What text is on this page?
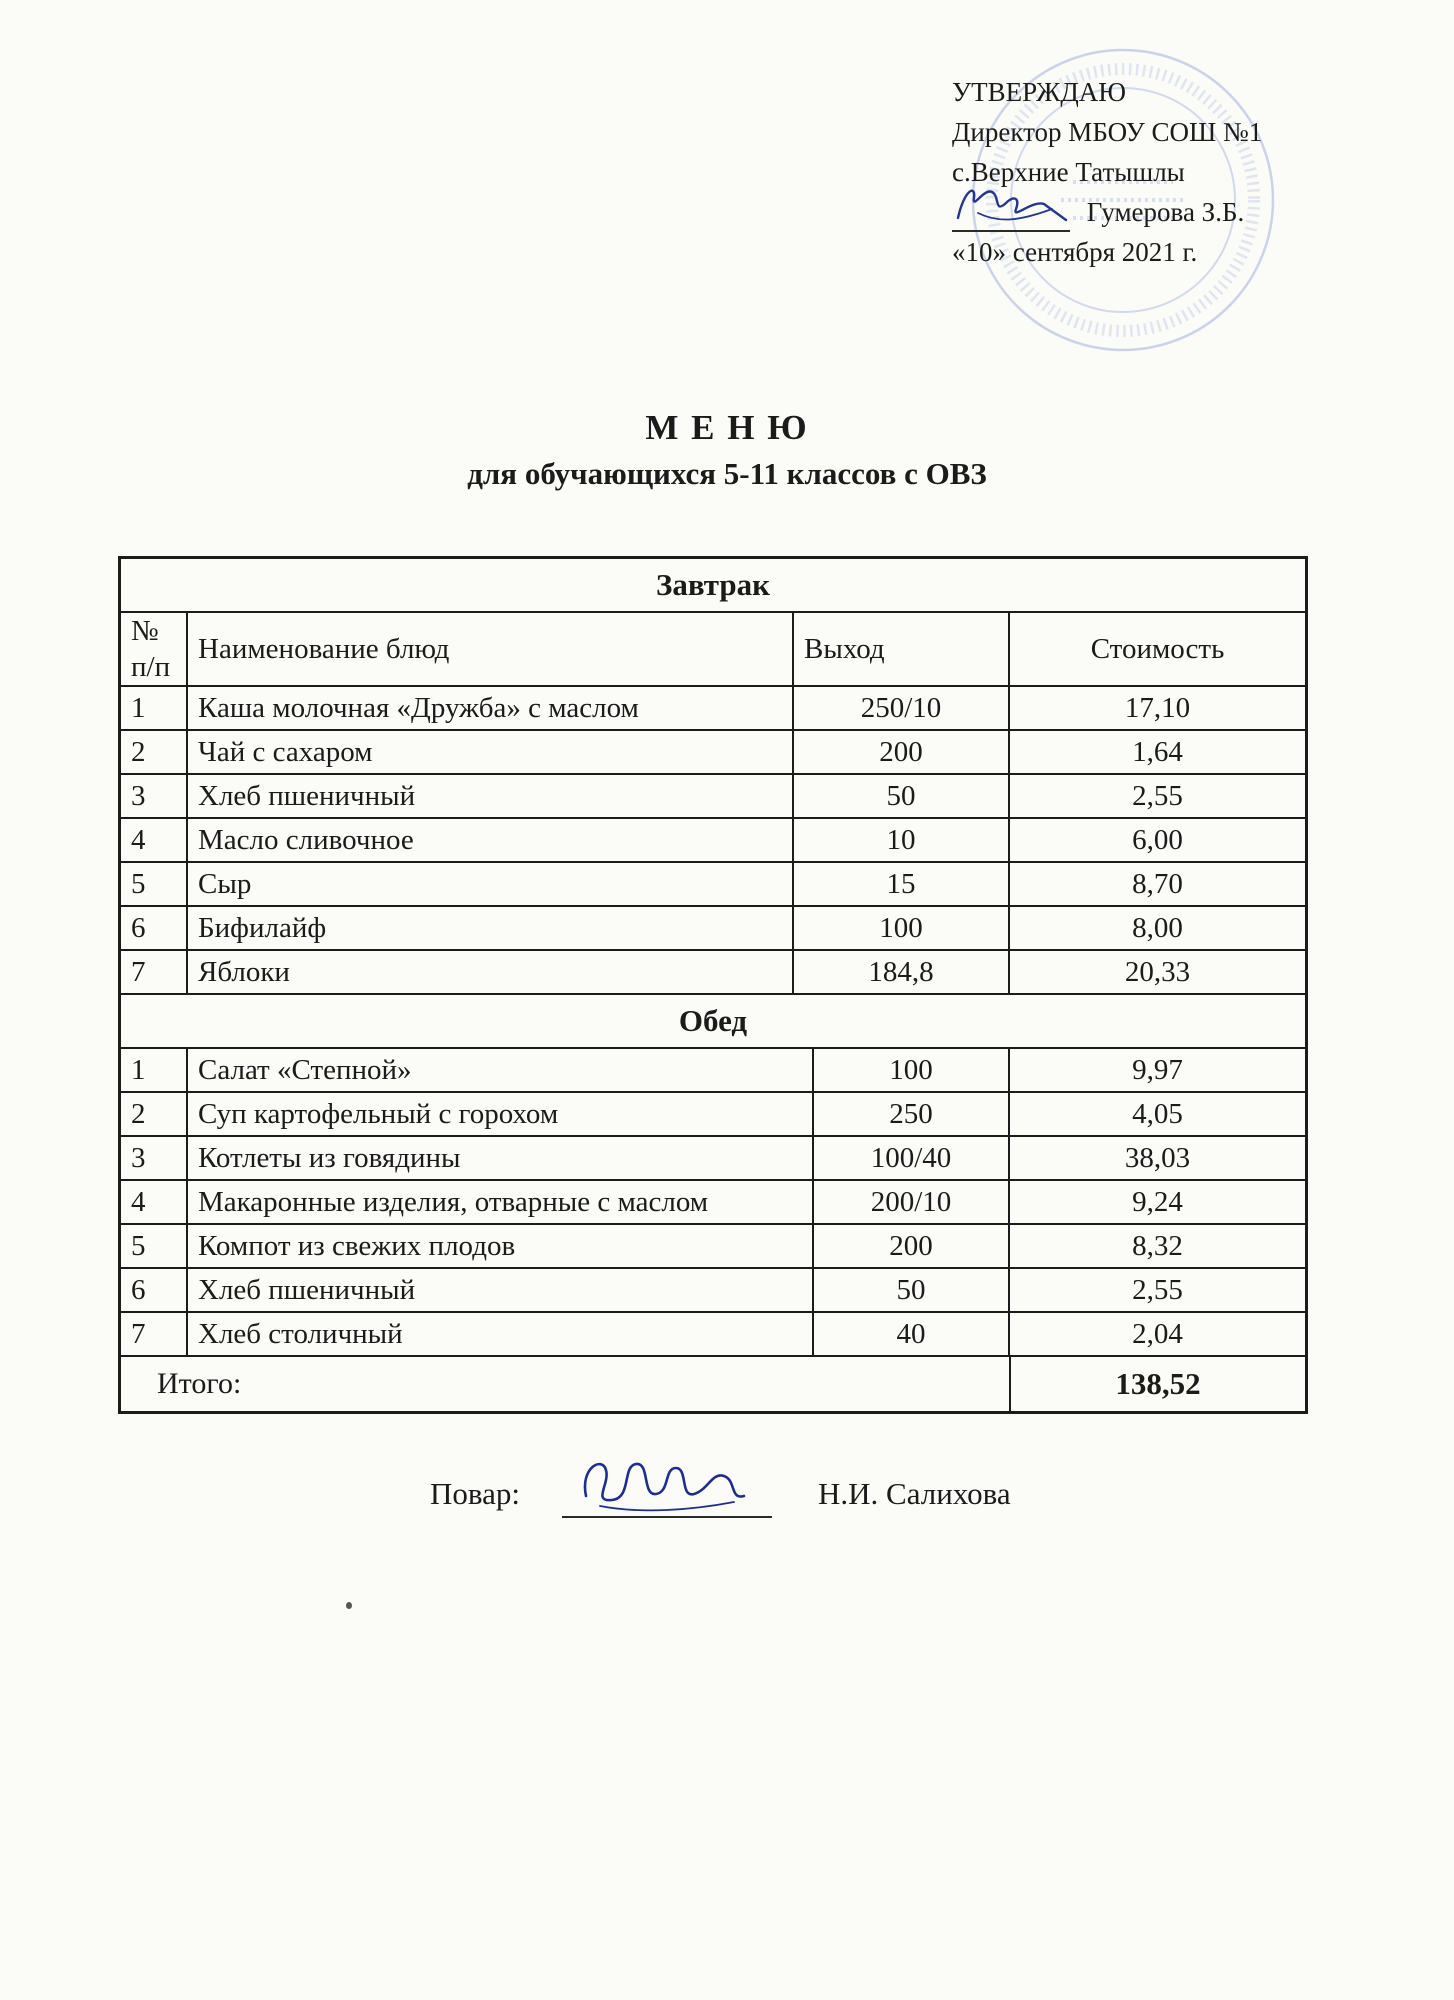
УТВЕРЖДАЮ
Директор МБОУ СОШ №1
с.Верхние Татышлы
Гумерова З.Б.
«10» сентября 2021 г.
М Е Н Ю
для обучающихся 5-11 классов с ОВЗ
Завтрак
№
п/п	Наименование блюд	Выход	Стоимость
1	Каша молочная «Дружба» с маслом	250/10	17,10
2	Чай с сахаром	200	1,64
3	Хлеб пшеничный	50	2,55
4	Масло сливочное	10	6,00
5	Сыр	15	8,70
6	Бифилайф	100	8,00
7	Яблоки	184,8	20,33
Обед
1	Салат «Степной»	100	9,97
2	Суп картофельный с горохом	250	4,05
3	Котлеты из говядины	100/40	38,03
4	Макаронные изделия, отварные с маслом	200/10	9,24
5	Компот из свежих плодов	200	8,32
6	Хлеб пшеничный	50	2,55
7	Хлеб столичный	40	2,04
Итого:	138,52
Повар:	Н.И. Салихова
